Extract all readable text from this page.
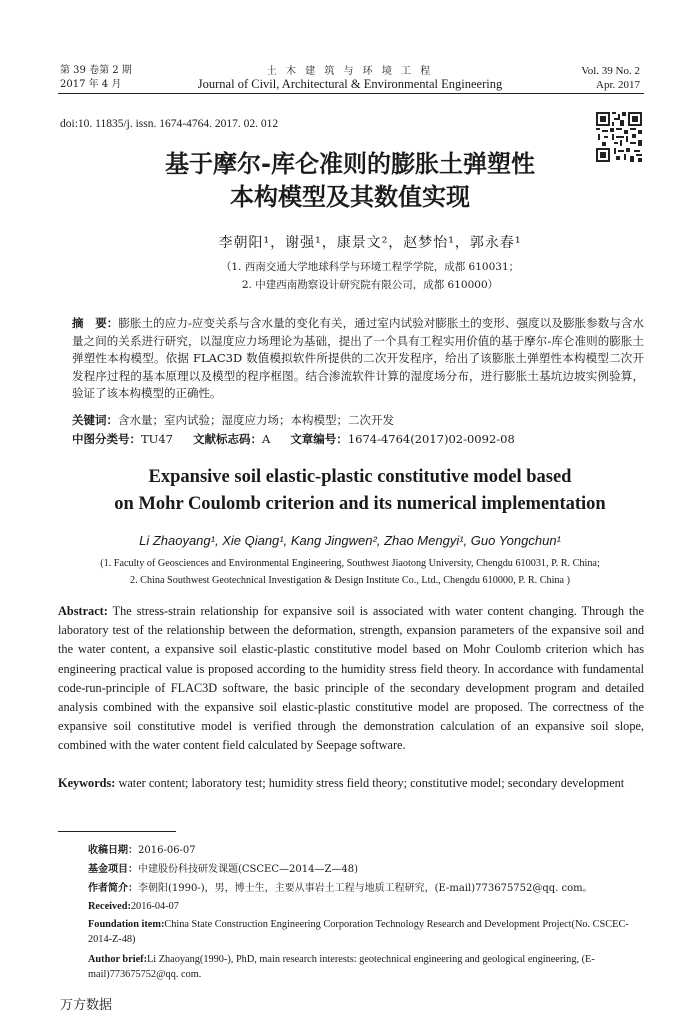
第 39 卷第 2 期
2017 年 4 月
土 木 建 筑 与 环 境 工 程
Journal of Civil, Architectural & Environmental Engineering
Vol. 39 No. 2
Apr. 2017
doi:10. 11835/j. issn. 1674-4764. 2017. 02. 012
基于摩尔-库仑准则的膨胀土弹塑性
本构模型及其数值实现
李朝阳¹，谢强¹，康景文²，赵梦怡¹，郭永春¹
（1. 西南交通大学地球科学与环境工程学学院，成都 610031；
2. 中建西南勘察设计研究院有限公司，成都 610000）
摘　要：膨胀土的应力-应变关系与含水量的变化有关，通过室内试验对膨胀土的变形、强度以及膨胀参数与含水量之间的关系进行研究，以湿度应力场理论为基础，提出了一个具有工程实用价值的基于摩尔-库仑准则的膨胀土弹塑性本构模型。依据 FLAC3D 数值模拟软件所提供的二次开发程序，给出了该膨胀土弹塑性本构模型二次开发程序过程的基本原理以及模型的程序框图。结合渗流软件计算的湿度场分布，进行膨胀土基坑边坡实例验算，验证了该本构模型的正确性。
关键词：含水量；室内试验；湿度应力场；本构模型；二次开发
中图分类号：TU47 文献标志码：A 文章编号：1674-4764(2017)02-0092-08
Expansive soil elastic-plastic constitutive model based
on Mohr Coulomb criterion and its numerical implementation
Li Zhaoyang¹, Xie Qiang¹, Kang Jingwen², Zhao Mengyi¹, Guo Yongchun¹
(1. Faculty of Geosciences and Environmental Engineering, Southwest Jiaotong University, Chengdu 610031, P. R. China;
2. China Southwest Geotechnical Investigation & Design Institute Co., Ltd., Chengdu 610000, P. R. China )
Abstract: The stress-strain relationship for expansive soil is associated with water content changing. Through the laboratory test of the relationship between the deformation, strength, expansion parameters of the expansive soil and the water content, a expansive soil elastic-plastic constitutive model based on Mohr Coulomb criterion which has engineering practical value is proposed according to the humidity stress field theory. In accordance with fundamental code-run-principle of FLAC3D software, the basic principle of the secondary development program and detailed analysis combined with the expansive soil elastic-plastic constitutive model are proposed. The correctness of the expansive soil constitutive model is verified through the demonstration calculation of an expansive soil slope, combined with the water content field calculated by Seepage software.
Keywords: water content; laboratory test; humidity stress field theory; constitutive model; secondary development
收稿日期：2016-06-07
基金项目：中建股份科技研发课题(CSCEC—2014—Z—48)
作者简介：李朝阳(1990-)，男，博士生，主要从事岩土工程与地质工程研究，(E-mail)773675752@qq. com。
Received:2016-04-07
Foundation item:China State Construction Engineering Corporation Technology Research and Development Project(No. CSCEC-2014-Z-48)
Author brief:Li Zhaoyang(1990-), PhD, main research interests: geotechnical engineering and geological engineering, (E-mail)773675752@qq. com.
万方数据
